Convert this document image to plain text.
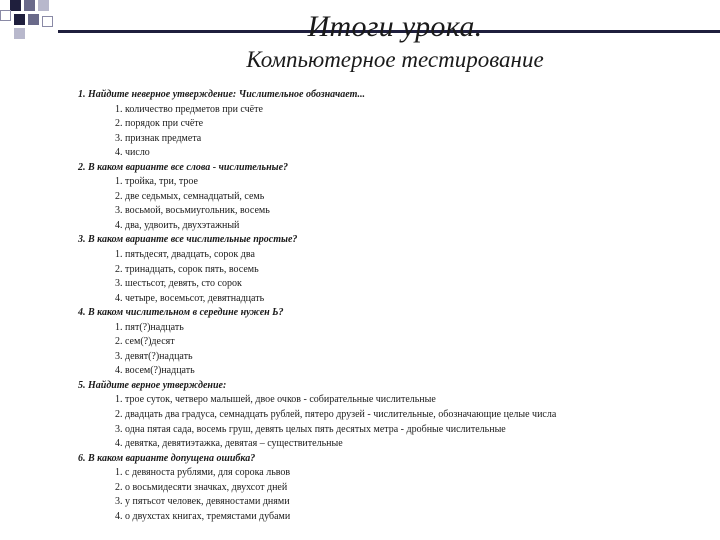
Итоги урока.
Компьютерное тестирование
1. Найдите неверное утверждение: Числительное обозначает...
1. количество предметов при счёте
2. порядок при счёте
3. признак предмета
4. число
2. В каком варианте все слова - числительные?
1. тройка, три, трое
2. две седьмых, семнадцатый, семь
3. восьмой, восьмиугольник, восемь
4. два, удвоить, двухэтажный
3. В каком варианте все числительные простые?
1. пятьдесят, двадцать, сорок два
2. тринадцать, сорок пять, восемь
3. шестьсот, девять, сто сорок
4. четыре, восемьсот, девятнадцать
4. В каком числительном в середине нужен Ь?
1. пят(?)надцать
2. сем(?)десят
3. девят(?)надцать
4. восем(?)надцать
5. Найдите верное утверждение:
1. трое суток, четверо малышей, двое очков - собирательные числительные
2. двадцать два градуса, семнадцать рублей, пятеро друзей - числительные, обозначающие целые числа
3. одна пятая сада, восемь груш, девять целых пять десятых метра - дробные числительные
4. девятка, девятиэтажка, девятая – существительные
6. В каком варианте допущена ошибка?
1. с девяноста рублями, для сорока львов
2. о восьмидесяти значках, двухсот дней
3. у пятьсот человек, девяностами днями
4. о двухстах книгах, тремястами дубами
